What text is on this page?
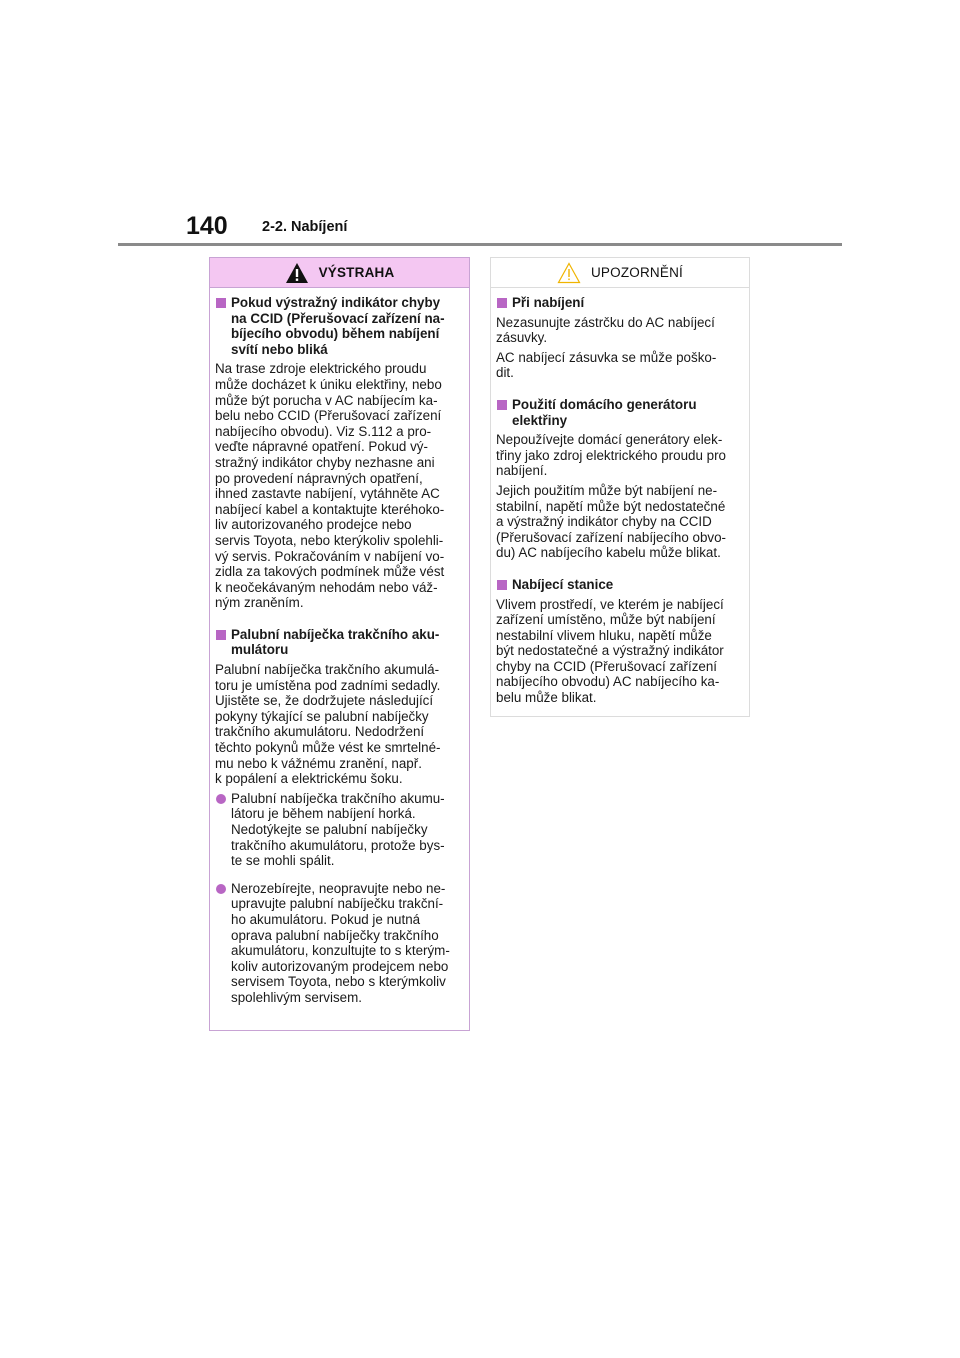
140 2-2. Nabíjení
VÝSTRAHA
Pokud výstražný indikátor chyby
na CCID (Přerušovací zařízení na-
bíjecího obvodu) během nabíjení
svítí nebo bliká
Na trase zdroje elektrického proudu
může docházet k úniku elektřiny, nebo
může být porucha v AC nabíjecím ka-
belu nebo CCID (Přerušovací zařízení
nabíjecího obvodu). Viz S.112 a pro-
veďte nápravné opatření. Pokud vý-
stražný indikátor chyby nezhasne ani
po provedení nápravných opatření,
ihned zastavte nabíjení, vytáhněte AC
nabíjecí kabel a kontaktujte kteréhoko-
liv autorizovaného prodejce nebo
servis Toyota, nebo kterýkoliv spolehli-
vý servis. Pokračováním v nabíjení vo-
zidla za takových podmínek může vést
k neočekávaným nehodám nebo váž-
ným zraněním.
Palubní nabíječka trakčního aku-
mulátoru
Palubní nabíječka trakčního akumulá-
toru je umístěna pod zadními sedadly.
Ujistěte se, že dodržujete následující
pokyny týkající se palubní nabíječky
trakčního akumulátoru. Nedodržení
těchto pokynů může vést ke smrtelné-
mu nebo k vážnému zranění, např.
k popálení a elektrickému šoku.
Palubní nabíječka trakčního akumu-
látoru je během nabíjení horká.
Nedotýkejte se palubní nabíječky
trakčního akumulátoru, protože bys-
te se mohli spálit.
Nerozebírejte, neopravujte nebo ne-
upravujte palubní nabíječku trakční-
ho akumulátoru. Pokud je nutná
oprava palubní nabíječky trakčního
akumulátoru, konzultujte to s kterým-
koliv autorizovaným prodejcem nebo
servisem Toyota, nebo s kterýmkoliv
spolehlivým servisem.
UPOZORNĚNÍ
Při nabíjení
Nezasunujte zástrčku do AC nabíjecí
zásuvky.
AC nabíjecí zásuvka se může poško-
dit.
Použití domácího generátoru
elektřiny
Nepoužívejte domácí generátory elek-
třiny jako zdroj elektrického proudu pro
nabíjení.
Jejich použitím může být nabíjení ne-
stabilní, napětí může být nedostatečné
a výstražný indikátor chyby na CCID
(Přerušovací zařízení nabíjecího obvo-
du) AC nabíjecího kabelu může blikat.
Nabíjecí stanice
Vlivem prostředí, ve kterém je nabíjecí
zařízení umístěno, může být nabíjení
nestabilní vlivem hluku, napětí může
být nedostatečné a výstražný indikátor
chyby na CCID (Přerušovací zařízení
nabíjecího obvodu) AC nabíjecího ka-
belu může blikat.
